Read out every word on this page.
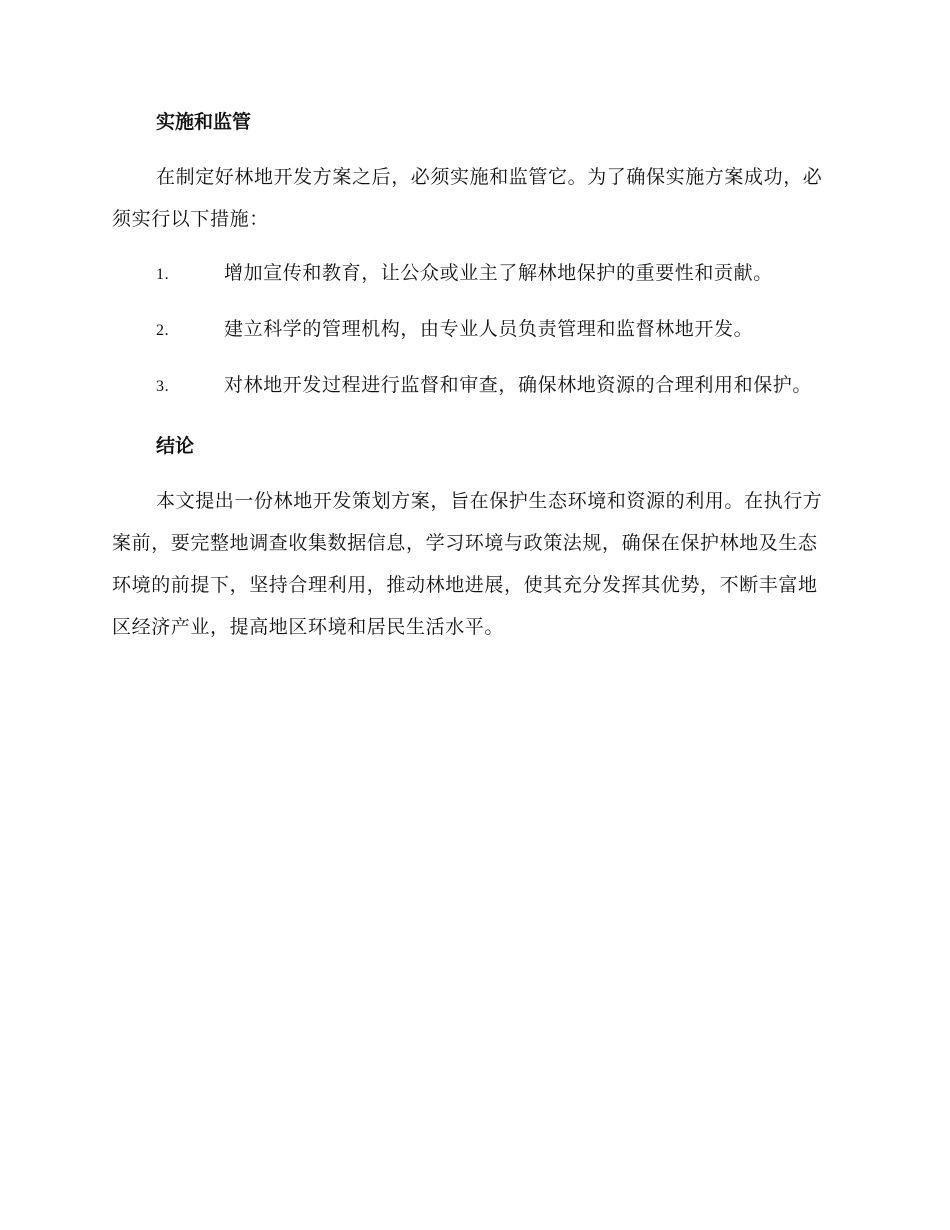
实施和监管

在制定好林地开发方案之后，必须实施和监管它。为了确保实施方案成功，必须实行以下措施：

1.	增加宣传和教育，让公众或业主了解林地保护的重要性和贡献。

2.	建立科学的管理机构，由专业人员负责管理和监督林地开发。

3.	对林地开发过程进行监督和审查，确保林地资源的合理利用和保护。

结论

本文提出一份林地开发策划方案，旨在保护生态环境和资源的利用。在执行方案前，要完整地调查收集数据信息，学习环境与政策法规，确保在保护林地及生态环境的前提下，坚持合理利用，推动林地进展，使其充分发挥其优势，不断丰富地区经济产业，提高地区环境和居民生活水平。
